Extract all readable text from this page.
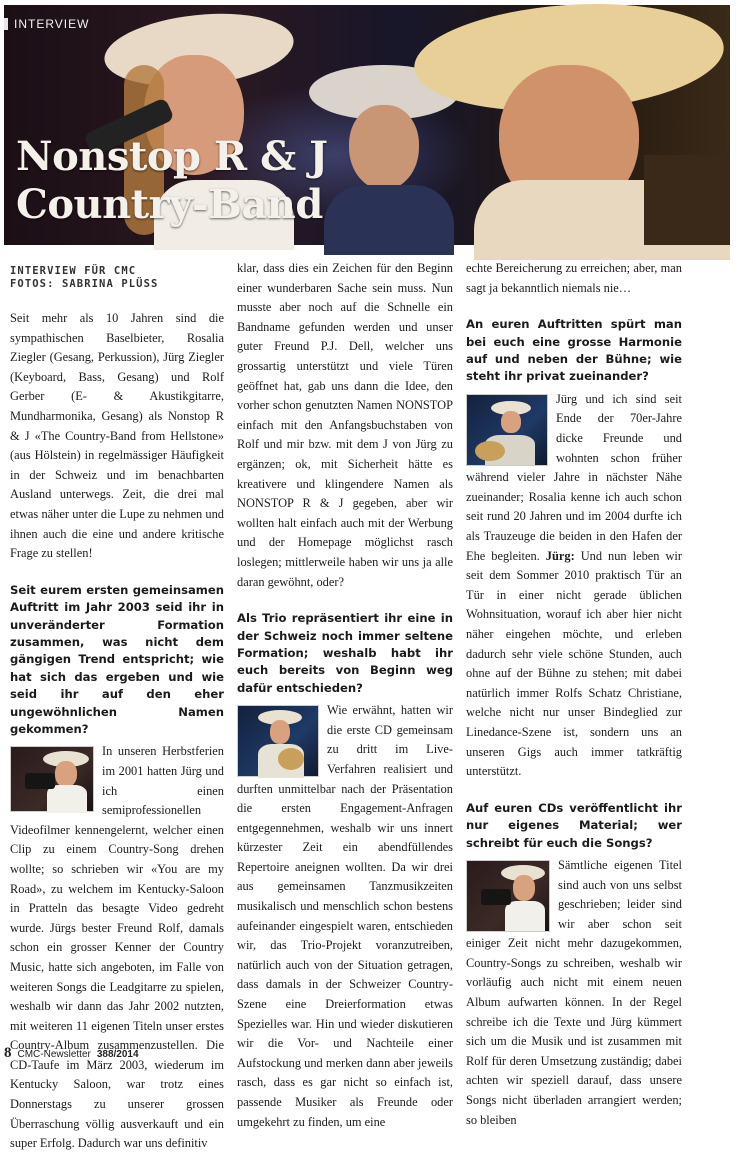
INTERVIEW
Nonstop R & J Country-Band
INTERVIEW FÜR CMC
FOTOS: SABRINA PLÜSS

Seit mehr als 10 Jahren sind die sympathischen Baselbieter, Rosalia Ziegler (Gesang, Perkussion), Jürg Ziegler (Keyboard, Bass, Gesang) und Rolf Gerber (E- & Akustikgitarre, Mundharmonika, Gesang) als Nonstop R & J «The Country-Band from Hellstone» (aus Hölstein) in regelmässiger Häufigkeit in der Schweiz und im benachbarten Ausland unterwegs. Zeit, die drei mal etwas näher unter die Lupe zu nehmen und ihnen auch die eine und andere kritische Frage zu stellen!

Seit eurem ersten gemeinsamen Auftritt im Jahr 2003 seid ihr in unveränderter Formation zusammen, was nicht dem gängigen Trend entspricht; wie hat sich das ergeben und wie seid ihr auf den eher ungewöhnlichen Namen gekommen?

In unseren Herbstferien im 2001 hatten Jürg und ich einen semiprofessionellen Videofilmer kennengelernt, welcher einen Clip zu einem Country-Song drehen wollte; so schrieben wir «You are my Road», zu welchem im Kentucky-Saloon in Pratteln das besagte Video gedreht wurde. Jürgs bester Freund Rolf, damals schon ein grosser Kenner der Country Music, hatte sich angeboten, im Falle von weiteren Songs die Leadgitarre zu spielen, weshalb wir dann das Jahr 2002 nutzten, mit weiteren 11 eigenen Titeln unser erstes Country-Album zusammenzustellen. Die CD-Taufe im März 2003, wiederum im Kentucky Saloon, war trotz eines Donnerstags zu unserer grossen Überraschung völlig ausverkauft und ein super Erfolg. Dadurch war uns definitiv

klar, dass dies ein Zeichen für den Beginn einer wunderbaren Sache sein muss. Nun musste aber noch auf die Schnelle ein Bandname gefunden werden und unser guter Freund P.J. Dell, welcher uns grossartig unterstützt und viele Türen geöffnet hat, gab uns dann die Idee, den vorher schon genutzten Namen NONSTOP einfach mit den Anfangsbuchstaben von Rolf und mir bzw. mit dem J von Jürg zu ergänzen; ok, mit Sicherheit hätte es kreativere und klingendere Namen als NONSTOP R & J gegeben, aber wir wollten halt einfach auch mit der Werbung und der Homepage möglichst rasch loslegen; mittlerweile haben wir uns ja alle daran gewöhnt, oder?

Als Trio repräsentiert ihr eine in der Schweiz noch immer seltene Formation; weshalb habt ihr euch bereits von Beginn weg dafür entschieden?

Wie erwähnt, hatten wir die erste CD gemeinsam zu dritt im Live-Verfahren realisiert und durften unmittelbar nach der Präsentation die ersten Engagement-Anfragen entgegennehmen, weshalb wir uns innert kürzester Zeit ein abendfüllendes Repertoire aneignen wollten. Da wir drei aus gemeinsamen Tanzmusikzeiten musikalisch und menschlich schon bestens aufeinander eingespielt waren, entschieden wir, das Trio-Projekt voranzutreiben, natürlich auch von der Situation getragen, dass damals in der Schweizer Country-Szene eine Dreierformation etwas Spezielles war. Hin und wieder diskutieren wir die Vor- und Nachteile einer Aufstockung und merken dann aber jeweils rasch, dass es gar nicht so einfach ist, passende Musiker als Freunde oder umgekehrt zu finden, um eine

echte Bereicherung zu erreichen; aber, man sagt ja bekanntlich niemals nie…

An euren Auftritten spürt man bei euch eine grosse Harmonie auf und neben der Bühne; wie steht ihr privat zueinander?

Jürg und ich sind seit Ende der 70er-Jahre dicke Freunde und wohnten schon früher während vieler Jahre in nächster Nähe zueinander; Rosalia kenne ich auch schon seit rund 20 Jahren und im 2004 durfte ich als Trauzeuge die beiden in den Hafen der Ehe begleiten. Jürg: Und nun leben wir seit dem Sommer 2010 praktisch Tür an Tür in einer nicht gerade üblichen Wohnsituation, worauf ich aber hier nicht näher eingehen möchte, und erleben dadurch sehr viele schöne Stunden, auch ohne auf der Bühne zu stehen; mit dabei natürlich immer Rolfs Schatz Christiane, welche nicht nur unser Bindeglied zur Linedance-Szene ist, sondern uns an unseren Gigs auch immer tatkräftig unterstützt.

Auf euren CDs veröffentlicht ihr nur eigenes Material; wer schreibt für euch die Songs?

Sämtliche eigenen Titel sind auch von uns selbst geschrieben; leider sind wir aber schon seit einiger Zeit nicht mehr dazugekommen, Country-Songs zu schreiben, weshalb wir vorläufig auch nicht mit einem neuen Album aufwarten können. In der Regel schreibe ich die Texte und Jürg kümmert sich um die Musik und ist zusammen mit Rolf für deren Umsetzung zuständig; dabei achten wir speziell darauf, dass unsere Songs nicht überladen arrangiert werden; so bleiben

8 CMC-Newsletter 388/2014
